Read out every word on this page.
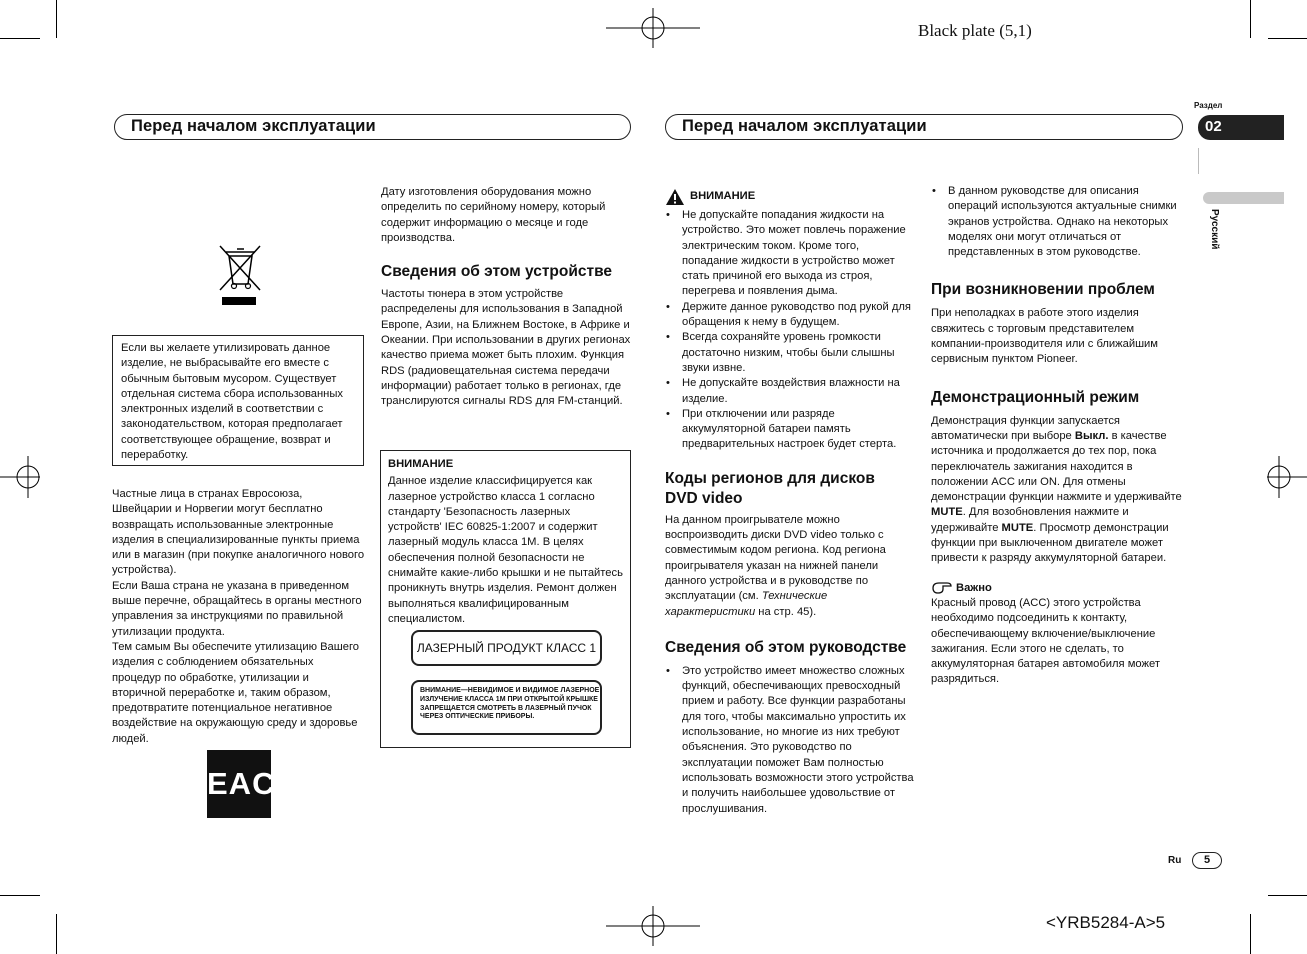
Black plate (5,1)
Раздел
02
Русский
Перед началом эксплуатации	Перед началом эксплуатации

Если вы желаете утилизировать данное изделие, не выбрасывайте его вместе с обычным бытовым мусором. Существует отдельная система сбора использованных электронных изделий в соответствии с законодательством, которая предполагает соответствующее обращение, возврат и переработку.

Частные лица в странах Евросоюза, Швейцарии и Норвегии могут бесплатно возвращать использованные электронные изделия в специализированные пункты приема или в магазин (при покупке аналогичного нового устройства).

Если Ваша страна не указана в приведенном выше перечне, обращайтесь в органы местного управления за инструкциями по правильной утилизации продукта.

Тем самым Вы обеспечите утилизацию Вашего изделия с соблюдением обязательных процедур по обработке, утилизации и вторичной переработке и, таким образом, предотвратите потенциальное негативное воздействие на окружающую среду и здоровье людей.

EAC

Дату изготовления оборудования можно определить по серийному номеру, который содержит информацию о месяце и годе производства.

Сведения об этом устройстве

Частоты тюнера в этом устройстве распределены для использования в Западной Европе, Азии, на Ближнем Востоке, в Африке и Океании. При использовании в других регионах качество приема может быть плохим. Функция RDS (радиовещательная система передачи информации) работает только в регионах, где транслируются сигналы RDS для FM-станций.

ВНИМАНИЕ

Данное изделие классифицируется как лазерное устройство класса 1 согласно стандарту 'Безопасность лазерных устройств' IEC 60825-1:2007 и содержит лазерный модуль класса 1M. В целях обеспечения полной безопасности не снимайте какие-либо крышки и не пытайтесь проникнуть внутрь изделия. Ремонт должен выполняться квалифицированным специалистом.

ЛАЗЕРНЫЙ ПРОДУКТ КЛАСС 1
ВНИМАНИЕ—НЕВИДИМОЕ И ВИДИМОЕ ЛАЗЕРНОЕ
ИЗЛУЧЕНИЕ КЛАССА 1M ПРИ ОТКРЫТОЙ КРЫШКЕ
ЗАПРЕЩАЕТСЯ СМОТРЕТЬ В ЛАЗЕРНЫЙ ПУЧОК
ЧЕРЕЗ ОПТИЧЕСКИЕ ПРИБОРЫ.
ВНИМАНИЕ
• Не допускайте попадания жидкости на устройство. Это может повлечь поражение электрическим током. Кроме того, попадание жидкости в устройство может стать причиной его выхода из строя, перегрева и появления дыма.
• Держите данное руководство под рукой для обращения к нему в будущем.
• Всегда сохраняйте уровень громкости достаточно низким, чтобы были слышны звуки извне.
• Не допускайте воздействия влажности на изделие.
• При отключении или разряде аккумуляторной батареи память предварительных настроек будет стерта.
Коды регионов для дисков
DVD video

На данном проигрывателе можно воспроизводить диски DVD video только с совместимым кодом региона. Код региона проигрывателя указан на нижней панели данного устройства и в руководстве по эксплуатации (см. Технические характеристики на стр. 45).

Сведения об этом руководстве
• Это устройство имеет множество сложных функций, обеспечивающих превосходный прием и работу. Все функции разработаны для того, чтобы максимально упростить их использование, но многие из них требуют объяснения. Это руководство по эксплуатации поможет Вам полностью использовать возможности этого устройства и получить наибольшее удовольствие от прослушивания.
• В данном руководстве для описания операций используются актуальные снимки экранов устройства. Однако на некоторых моделях они могут отличаться от представленных в этом руководстве.
При возникновении проблем

При неполадках в работе этого изделия свяжитесь с торговым представителем компании-производителя или с ближайшим сервисным пунктом Pioneer.

Демонстрационный режим

Демонстрация функции запускается автоматически при выборе Выкл. в качестве источника и продолжается до тех пор, пока переключатель зажигания находится в положении ACC или ON. Для отмены демонстрации функции нажмите и удерживайте MUTE. Для возобновления нажмите и удерживайте MUTE. Просмотр демонстрации функции при выключенном двигателе может привести к разряду аккумуляторной батареи.

Важно

Красный провод (ACC) этого устройства необходимо подсоединить к контакту, обеспечивающему включение/выключение зажигания. Если этого не сделать, то аккумуляторная батарея автомобиля может разрядиться.

Ru	5
<YRB5284-A>5
